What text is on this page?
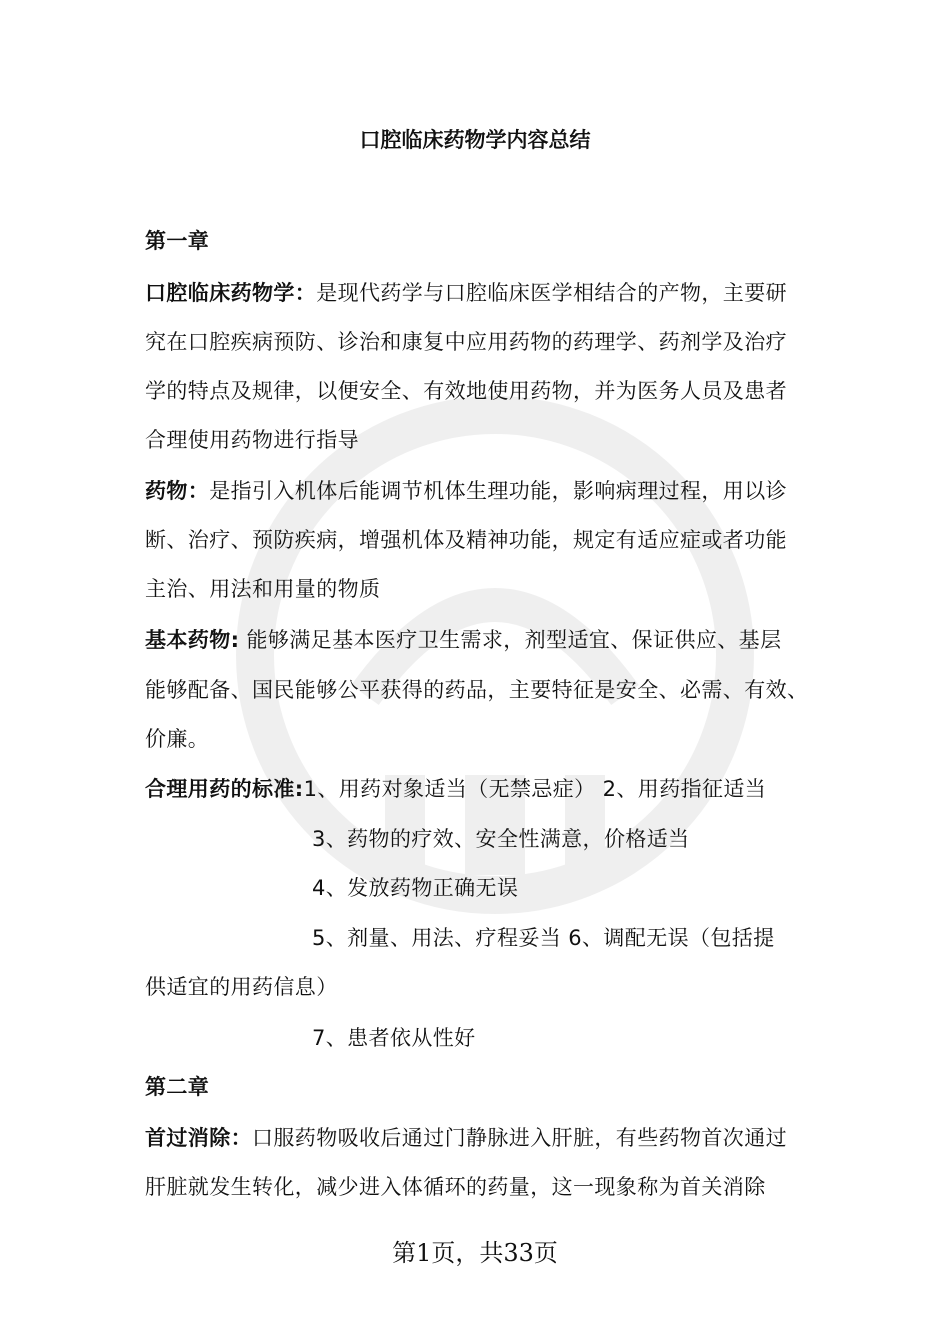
口腔临床药物学内容总结
第一章
口腔临床药物学：是现代药学与口腔临床医学相结合的产物，主要研
究在口腔疾病预防、诊治和康复中应用药物的药理学、药剂学及治疗
学的特点及规律，以便安全、有效地使用药物，并为医务人员及患者
合理使用药物进行指导
药物：是指引入机体后能调节机体生理功能，影响病理过程，用以诊
断、治疗、预防疾病，增强机体及精神功能，规定有适应症或者功能
主治、用法和用量的物质
基本药物: 能够满足基本医疗卫生需求，剂型适宜、保证供应、基层
能够配备、国民能够公平获得的药品，主要特征是安全、必需、有效、
价廉。
合理用药的标准:1、用药对象适当（无禁忌症） 2、用药指征适当
3、药物的疗效、安全性满意，价格适当
4、发放药物正确无误
5、剂量、用法、疗程妥当 6、调配无误（包括提
供适宜的用药信息）
7、患者依从性好
第二章
首过消除：口服药物吸收后通过门静脉进入肝脏，有些药物首次通过
肝脏就发生转化，减少进入体循环的药量，这一现象称为首关消除
第1页，共33页
